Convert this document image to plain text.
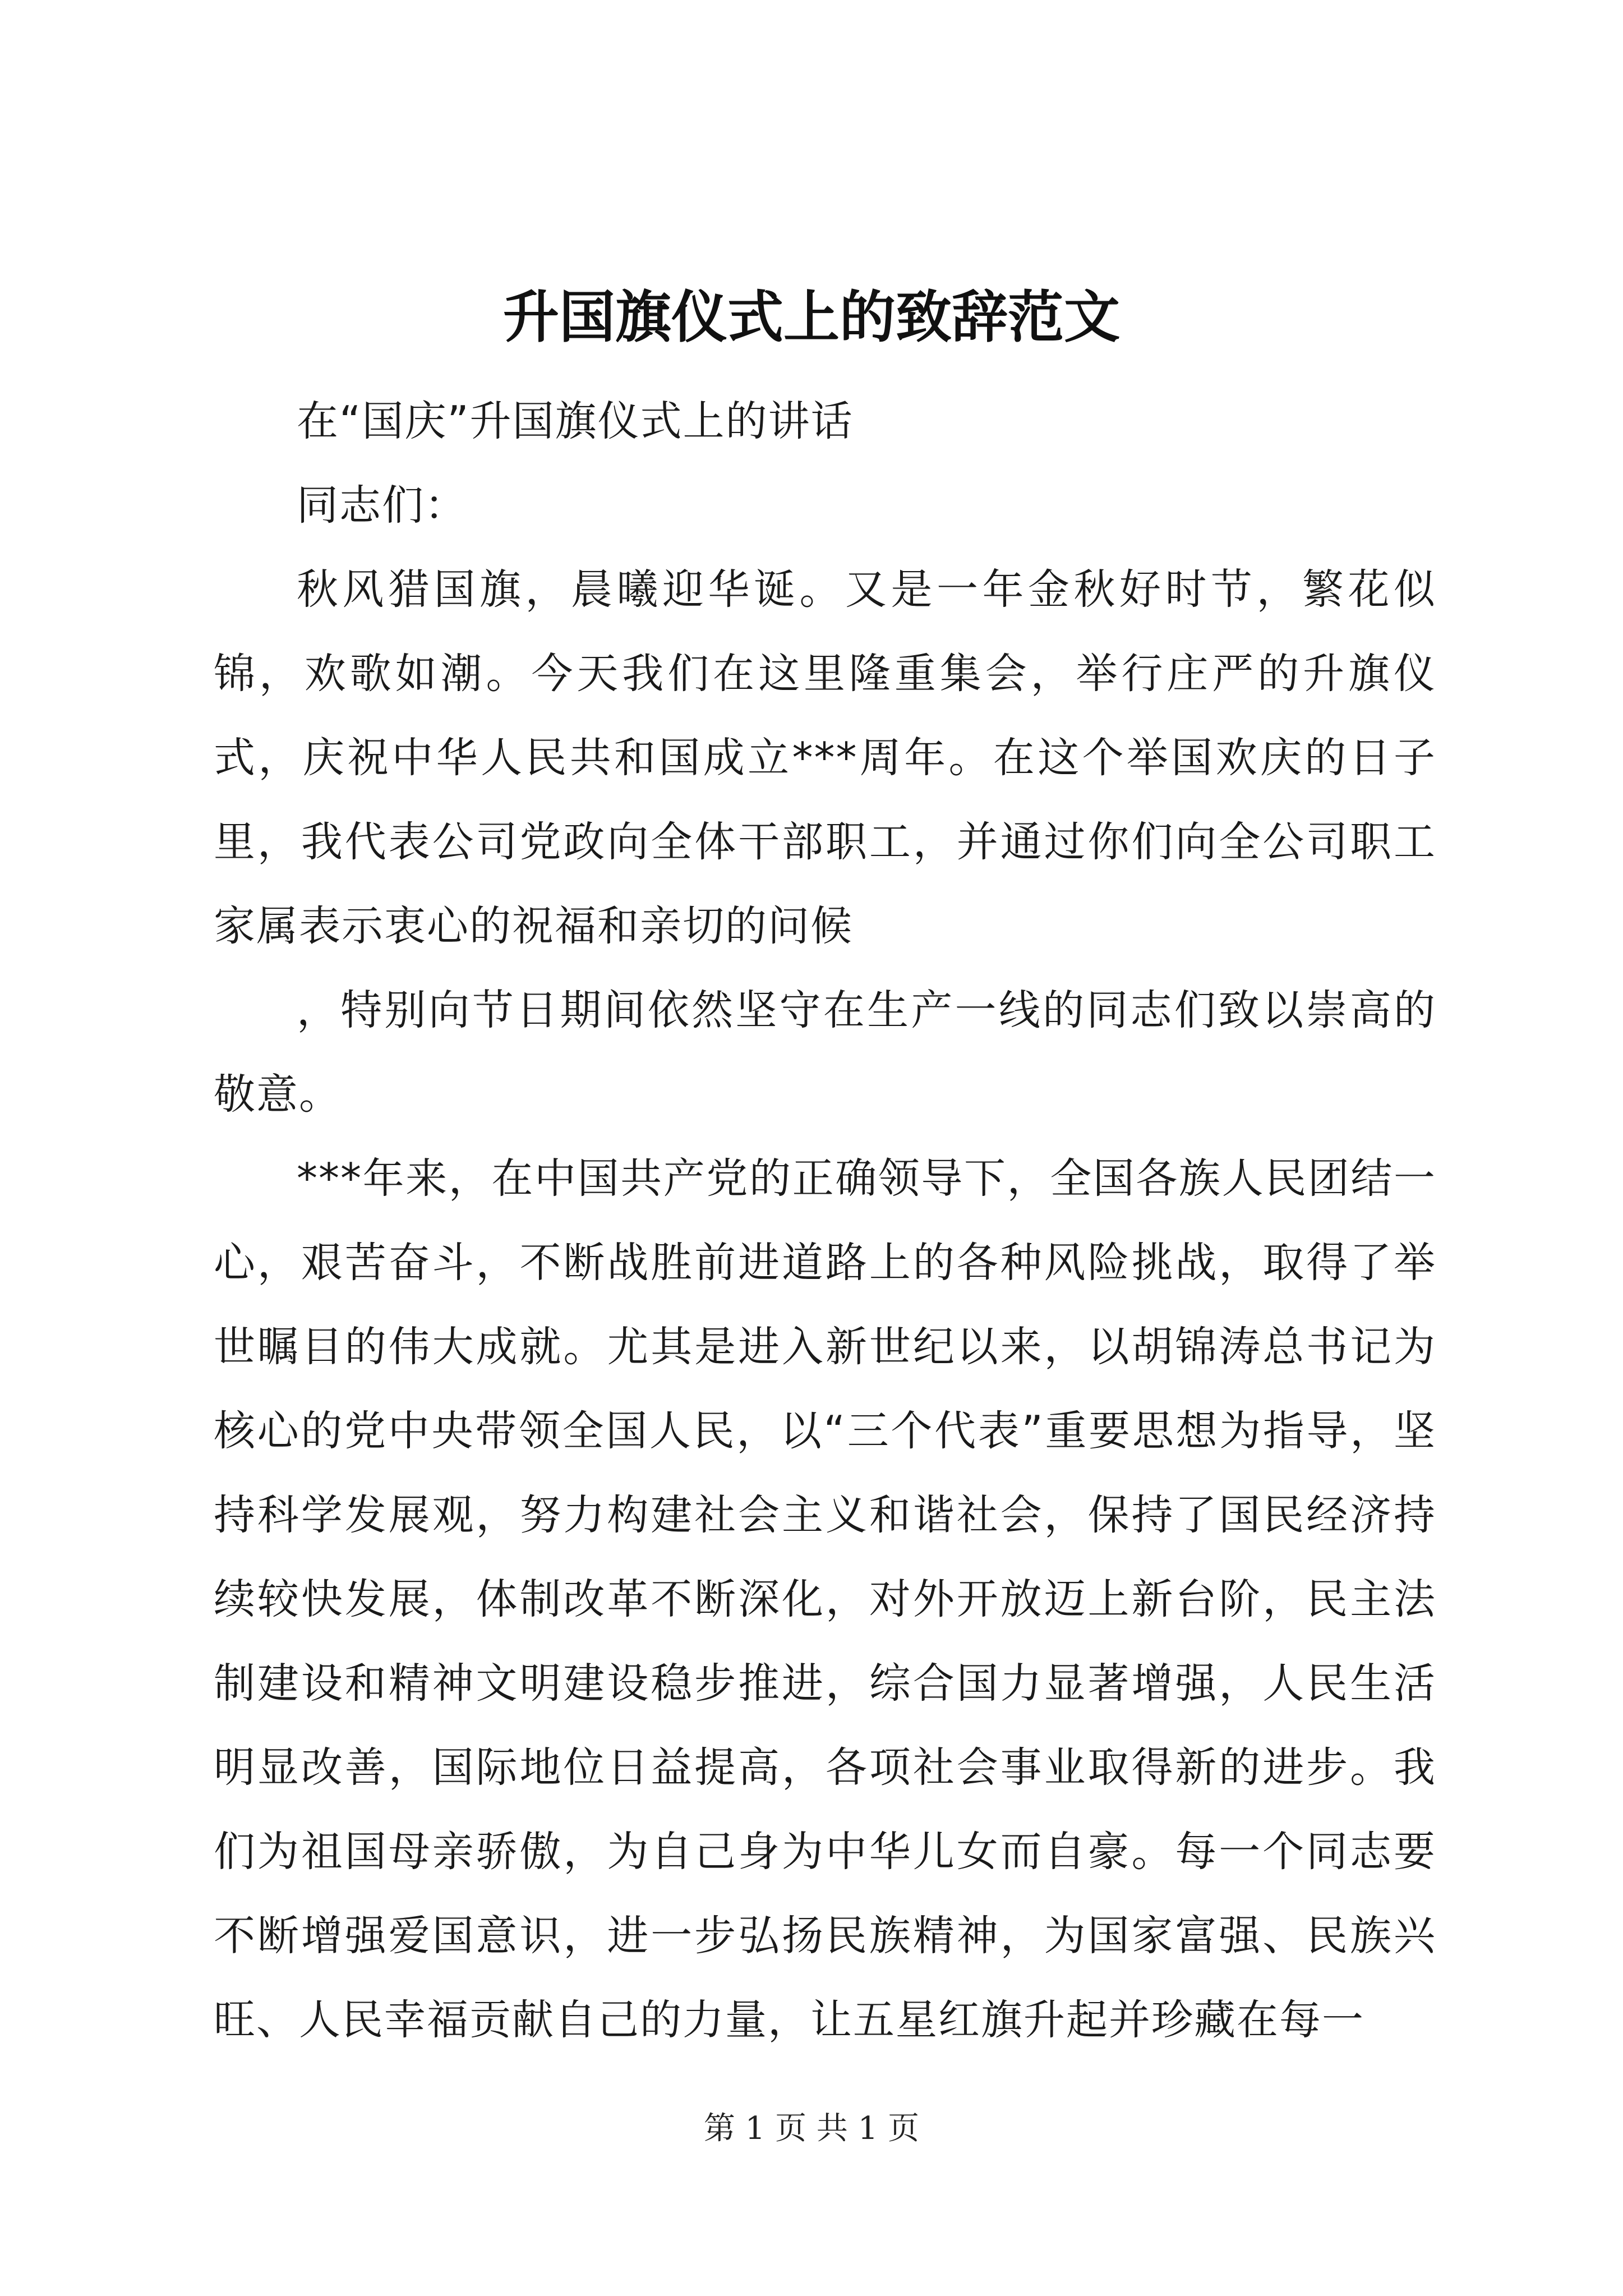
升国旗仪式上的致辞范文

在“国庆”升国旗仪式上的讲话

同志们：

秋风猎国旗，晨曦迎华诞。又是一年金秋好时节，繁花似锦，欢歌如潮。今天我们在这里隆重集会，举行庄严的升旗仪式，庆祝中华人民共和国成立***周年。在这个举国欢庆的日子里，我代表公司党政向全体干部职工，并通过你们向全公司职工家属表示衷心的祝福和亲切的问候

，特别向节日期间依然坚守在生产一线的同志们致以崇高的敬意。

***年来，在中国共产党的正确领导下，全国各族人民团结一心，艰苦奋斗，不断战胜前进道路上的各种风险挑战，取得了举世瞩目的伟大成就。尤其是进入新世纪以来，以胡锦涛总书记为核心的党中央带领全国人民，以“三个代表”重要思想为指导，坚持科学发展观，努力构建社会主义和谐社会，保持了国民经济持续较快发展，体制改革不断深化，对外开放迈上新台阶，民主法制建设和精神文明建设稳步推进，综合国力显著增强，人民生活明显改善，国际地位日益提高，各项社会事业取得新的进步。我们为祖国母亲骄傲，为自己身为中华儿女而自豪。每一个同志要不断增强爱国意识，进一步弘扬民族精神，为国家富强、民族兴旺、人民幸福贡献自己的力量，让五星红旗升起并珍藏在每一

第 1 页 共 1 页
